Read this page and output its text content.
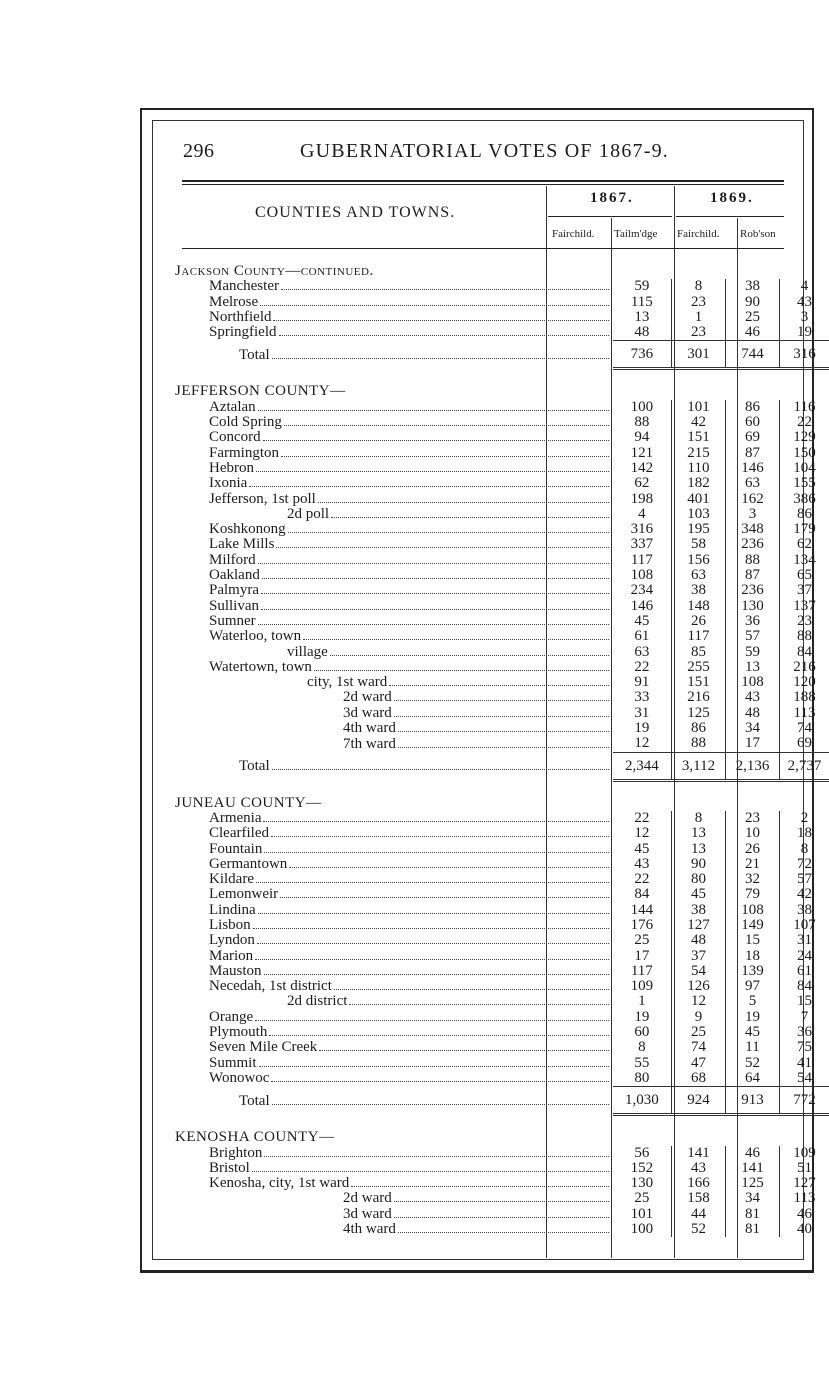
296	GUBERNATORIAL VOTES OF 1867-9.
COUNTIES AND TOWNS.
1867.	1869.
Fairchild. Tailm'dge Fairchild. Rob'son
Jackson County—continued.				

Manchester	59	8	38	4

Melrose	115	23	90	43

Northfield	13	1	25	3

Springfield	48	23	46	19

Total	736	301	744	316

JEFFERSON COUNTY—				

Aztalan	100	101	86	116

Cold Spring	88	42	60	22

Concord	94	151	69	129

Farmington	121	215	87	150

Hebron	142	110	146	104

Ixonia	62	182	63	155

Jefferson, 1st poll	198	401	162	386

2d poll	4	103	3	86

Koshkonong	316	195	348	179

Lake Mills	337	58	236	62

Milford	117	156	88	134

Oakland	108	63	87	65

Palmyra	234	38	236	37

Sullivan	146	148	130	137

Sumner	45	26	36	23

Waterloo, town	61	117	57	88

village	63	85	59	84

Watertown, town	22	255	13	216

city, 1st ward	91	151	108	120

2d ward	33	216	43	188

3d ward	31	125	48	113

4th ward	19	86	34	74

7th ward	12	88	17	69

Total	2,344	3,112	2,136	2,737

JUNEAU COUNTY—				

Armenia	22	8	23	2

Clearfiled	12	13	10	18

Fountain	45	13	26	8

Germantown	43	90	21	72

Kildare	22	80	32	57

Lemonweir	84	45	79	42

Lindina	144	38	108	38

Lisbon	176	127	149	107

Lyndon	25	48	15	31

Marion	17	37	18	24

Mauston	117	54	139	61

Necedah, 1st district	109	126	97	84

2d district	1	12	5	15

Orange	19	9	19	7

Plymouth	60	25	45	36

Seven Mile Creek	8	74	11	75

Summit	55	47	52	41

Wonowoc	80	68	64	54

Total	1,030	924	913	772

KENOSHA COUNTY—				

Brighton	56	141	46	109

Bristol	152	43	141	51

Kenosha, city, 1st ward	130	166	125	127

2d ward	25	158	34	113

3d ward	101	44	81	46

4th ward	100	52	81	40
